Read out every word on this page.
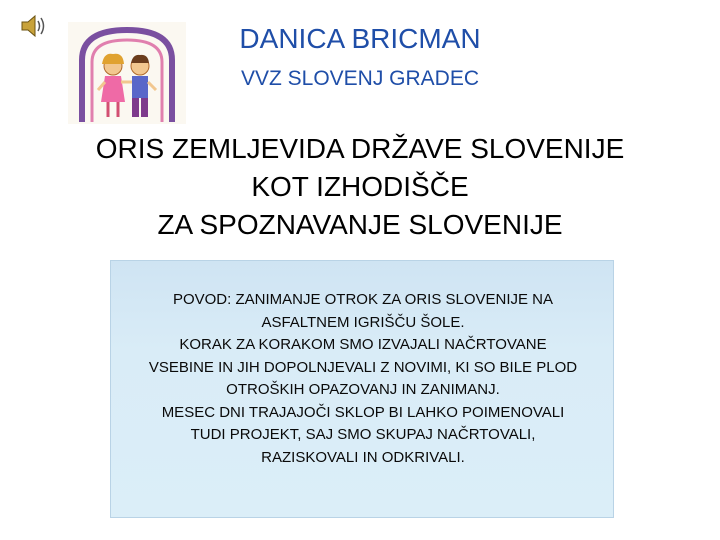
DANICA BRICMAN
VVZ SLOVENJ GRADEC
ORIS ZEMLJEVIDA DRŽAVE SLOVENIJE
KOT IZHODIŠČE
ZA SPOZNAVANJE SLOVENIJE
POVOD: ZANIMANJE OTROK ZA ORIS SLOVENIJE NA
ASFALTNEM IGRIŠČU ŠOLE.
KORAK ZA KORAKOM SMO IZVAJALI NAČRTOVANE
VSEBINE IN JIH DOPOLNJEVALI Z NOVIMI, KI SO BILE PLOD
OTROŠKIH OPAZOVANJ IN ZANIMANJ.
MESEC DNI TRAJAJOČI SKLOP BI LAHKO POIMENOVALI
TUDI PROJEKT, SAJ SMO SKUPAJ NAČRTOVALI,
RAZISKOVALI IN ODKRIVALI.
